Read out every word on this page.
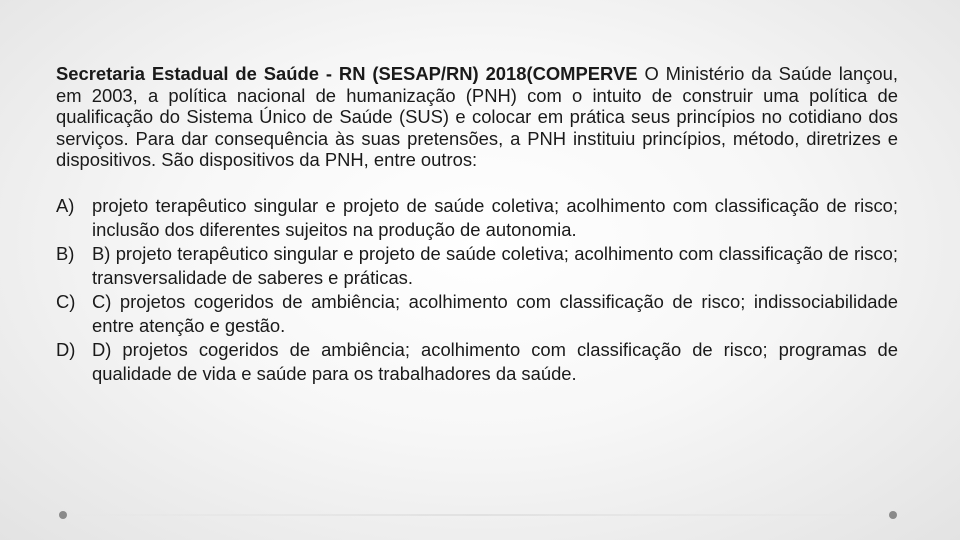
Secretaria Estadual de Saúde - RN (SESAP/RN) 2018(COMPERVE O Ministério da Saúde lançou, em 2003, a política nacional de humanização (PNH) com o intuito de construir uma política de qualificação do Sistema Único de Saúde (SUS) e colocar em prática seus princípios no cotidiano dos serviços. Para dar consequência às suas pretensões, a PNH instituiu princípios, método, diretrizes e dispositivos. São dispositivos da PNH, entre outros:

A) projeto terapêutico singular e projeto de saúde coletiva; acolhimento com classificação de risco; inclusão dos diferentes sujeitos na produção de autonomia.
B) B) projeto terapêutico singular e projeto de saúde coletiva; acolhimento com classificação de risco; transversalidade de saberes e práticas.
C) C) projetos cogeridos de ambiência; acolhimento com classificação de risco; indissociabilidade entre atenção e gestão.
D) D) projetos cogeridos de ambiência; acolhimento com classificação de risco; programas de qualidade de vida e saúde para os trabalhadores da saúde.
